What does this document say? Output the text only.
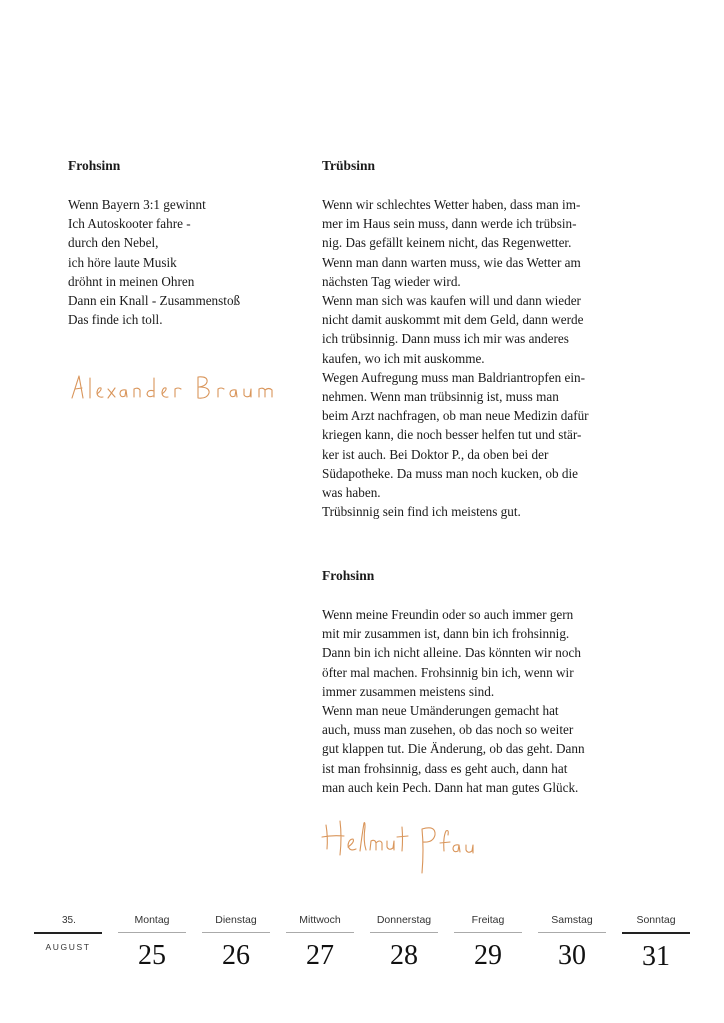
Frohsinn
Wenn Bayern 3:1 gewinnt
Ich Autoskooter fahre -
durch den Nebel,
ich höre laute Musik
dröhnt in meinen Ohren
Dann ein Knall - Zusammenstoß
Das finde ich toll.
Trübsinn
Wenn wir schlechtes Wetter haben, dass man im-
mer im Haus sein muss, dann werde ich trübsin-
nig. Das gefällt keinem nicht, das Regenwetter.
Wenn man dann warten muss, wie das Wetter am
nächsten Tag wieder wird.
Wenn man sich was kaufen will und dann wieder
nicht damit auskommt mit dem Geld, dann werde
ich trübsinnig. Dann muss ich mir was anderes
kaufen, wo ich mit auskomme.
Wegen Aufregung muss man Baldriantropfen ein-
nehmen. Wenn man trübsinnig ist, muss man
beim Arzt nachfragen, ob man neue Medizin dafür
kriegen kann, die noch besser helfen tut und stär-
ker ist auch. Bei Doktor P., da oben bei der
Südapotheke. Da muss man noch kucken, ob die
was haben.
Trübsinnig sein find ich meistens gut.
Frohsinn
Wenn meine Freundin oder so auch immer gern
mit mir zusammen ist, dann bin ich frohsinnig.
Dann bin ich nicht alleine. Das könnten wir noch
öfter mal machen. Frohsinnig bin ich, wenn wir
immer zusammen meistens sind.
Wenn man neue Umänderungen gemacht hat
auch, muss man zusehen, ob das noch so weiter
gut klappen tut. Die Änderung, ob das geht. Dann
ist man frohsinnig, dass es geht auch, dann hat
man auch kein Pech. Dann hat man gutes Glück.
35.
AUGUST
Montag
25
Dienstag
26
Mittwoch
27
Donnerstag
28
Freitag
29
Samstag
30
Sonntag
31
